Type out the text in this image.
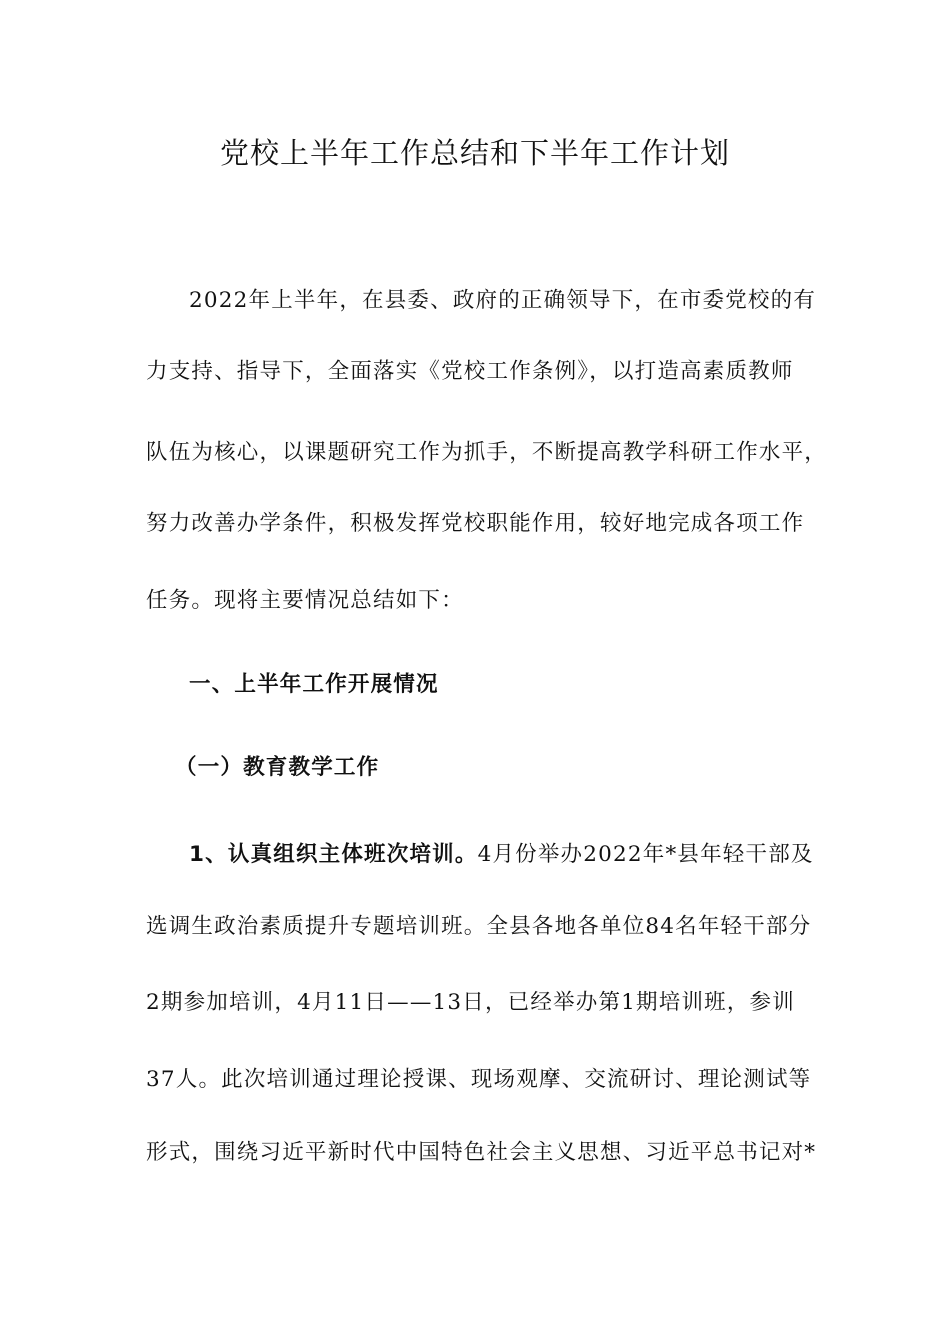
党校上半年工作总结和下半年工作计划
2022年上半年，在县委、政府的正确领导下，在市委党校的有
力支持、指导下，全面落实《党校工作条例》，以打造高素质教师
队伍为核心，以课题研究工作为抓手，不断提高教学科研工作水平，
努力改善办学条件，积极发挥党校职能作用，较好地完成各项工作
任务。现将主要情况总结如下：
一、上半年工作开展情况
（一）教育教学工作
1、认真组织主体班次培训。4月份举办2022年*县年轻干部及
选调生政治素质提升专题培训班。全县各地各单位84名年轻干部分
2期参加培训，4月11日——13日，已经举办第1期培训班，参训
37人。此次培训通过理论授课、现场观摩、交流研讨、理论测试等
形式，围绕习近平新时代中国特色社会主义思想、习近平总书记对*
